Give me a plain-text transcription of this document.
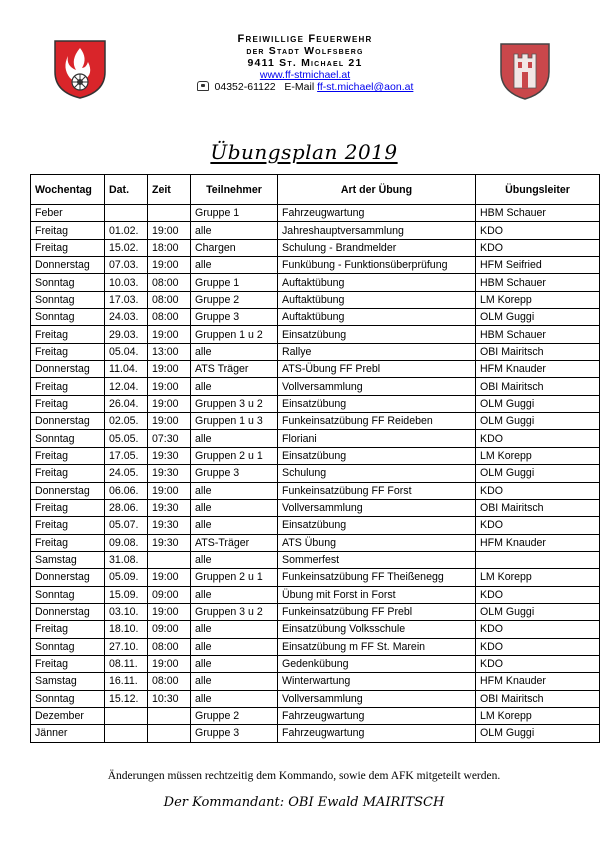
Freiwillige Feuerwehr
der Stadt Wolfsberg
9411 St. Michael 21
www.ff-stmichael.at
04352-61122 E-Mail ff-st.michael@aon.at
Übungsplan 2019
Wochentag	Dat.	Zeit	Teilnehmer	Art der Übung	Übungsleiter
Feber			Gruppe 1	Fahrzeugwartung	HBM Schauer
Freitag	01.02.	19:00	alle	Jahreshauptversammlung	KDO
Freitag	15.02.	18:00	Chargen	Schulung - Brandmelder	KDO
Donnerstag	07.03.	19:00	alle	Funkübung - Funktionsüberprüfung	HFM Seifried
Sonntag	10.03.	08:00	Gruppe 1	Auftaktübung	HBM Schauer
Sonntag	17.03.	08:00	Gruppe 2	Auftaktübung	LM Korepp
Sonntag	24.03.	08:00	Gruppe 3	Auftaktübung	OLM Guggi
Freitag	29.03.	19:00	Gruppen 1 u 2	Einsatzübung	HBM Schauer
Freitag	05.04.	13:00	alle	Rallye	OBI Mairitsch
Donnerstag	11.04.	19:00	ATS Träger	ATS-Übung FF Prebl	HFM Knauder
Freitag	12.04.	19:00	alle	Vollversammlung	OBI Mairitsch
Freitag	26.04.	19:00	Gruppen 3 u 2	Einsatzübung	OLM Guggi
Donnerstag	02.05.	19:00	Gruppen 1 u 3	Funkeinsatzübung FF Reideben	OLM Guggi
Sonntag	05.05.	07:30	alle	Floriani	KDO
Freitag	17.05.	19:30	Gruppen 2 u 1	Einsatzübung	LM Korepp
Freitag	24.05.	19:30	Gruppe 3	Schulung	OLM Guggi
Donnerstag	06.06.	19:00	alle	Funkeinsatzübung FF Forst	KDO
Freitag	28.06.	19:30	alle	Vollversammlung	OBI Mairitsch
Freitag	05.07.	19:30	alle	Einsatzübung	KDO
Freitag	09.08.	19:30	ATS-Träger	ATS Übung	HFM Knauder
Samstag	31.08.		alle	Sommerfest	
Donnerstag	05.09.	19:00	Gruppen 2 u 1	Funkeinsatzübung FF Theißenegg	LM Korepp
Sonntag	15.09.	09:00	alle	Übung mit Forst in Forst	KDO
Donnerstag	03.10.	19:00	Gruppen 3 u 2	Funkeinsatzübung FF Prebl	OLM Guggi
Freitag	18.10.	09:00	alle	Einsatzübung Volksschule	KDO
Sonntag	27.10.	08:00	alle	Einsatzübung m FF St. Marein	KDO
Freitag	08.11.	19:00	alle	Gedenkübung	KDO
Samstag	16.11.	08:00	alle	Winterwartung	HFM Knauder
Sonntag	15.12.	10:30	alle	Vollversammlung	OBI Mairitsch
Dezember			Gruppe 2	Fahrzeugwartung	LM Korepp
Jänner			Gruppe 3	Fahrzeugwartung	OLM Guggi
Änderungen müssen rechtzeitig dem Kommando, sowie dem AFK mitgeteilt werden.
Der Kommandant: OBI Ewald MAIRITSCH
